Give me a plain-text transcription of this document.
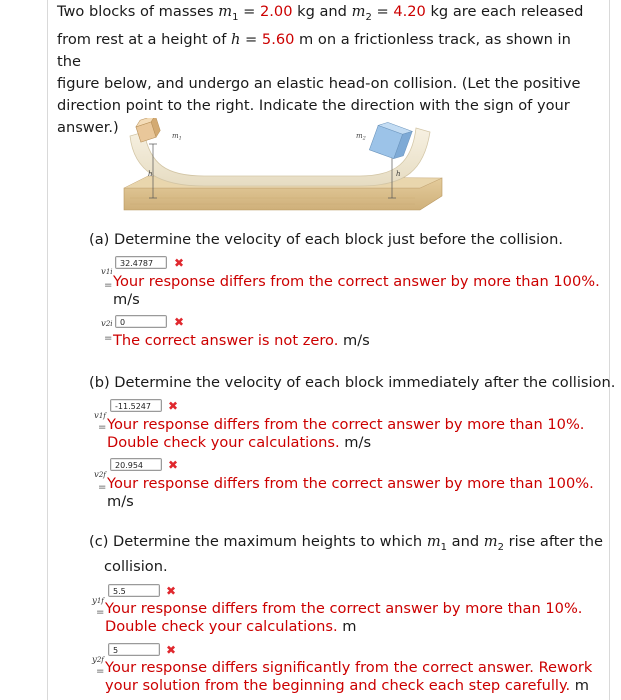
Two blocks of masses $m_1 = 2.00$ kg and $m_2 = 4.20$ kg are each released
from rest at a height of h = 5.60 m on a frictionless track, as shown in the
figure below, and undergo an elastic head-on collision. (Let the positive
direction point to the right. Indicate the direction with the sign of your
answer.)
$m_1$	$m_2$
h	h
(a) Determine the velocity of each block just before the collision.
v1i
=
32.4787	✖
Your response differs from the correct answer by more than 100%.
m/s
v2i
=
0	✖
The correct answer is not zero. m/s
(b) Determine the velocity of each block immediately after the collision.
v1f
=
-11.5247	✖
Your response differs from the correct answer by more than 10%.
Double check your calculations. m/s
v2f
=
20.954	✖
Your response differs from the correct answer by more than 100%.
m/s
(c) Determine the maximum heights to which $m_1$ and $m_2$ rise after the
collision.
y1f
=
5.5	✖
Your response differs from the correct answer by more than 10%.
Double check your calculations. m
y2f
=
5	✖
Your response differs significantly from the correct answer. Rework
your solution from the beginning and check each step carefully. m
